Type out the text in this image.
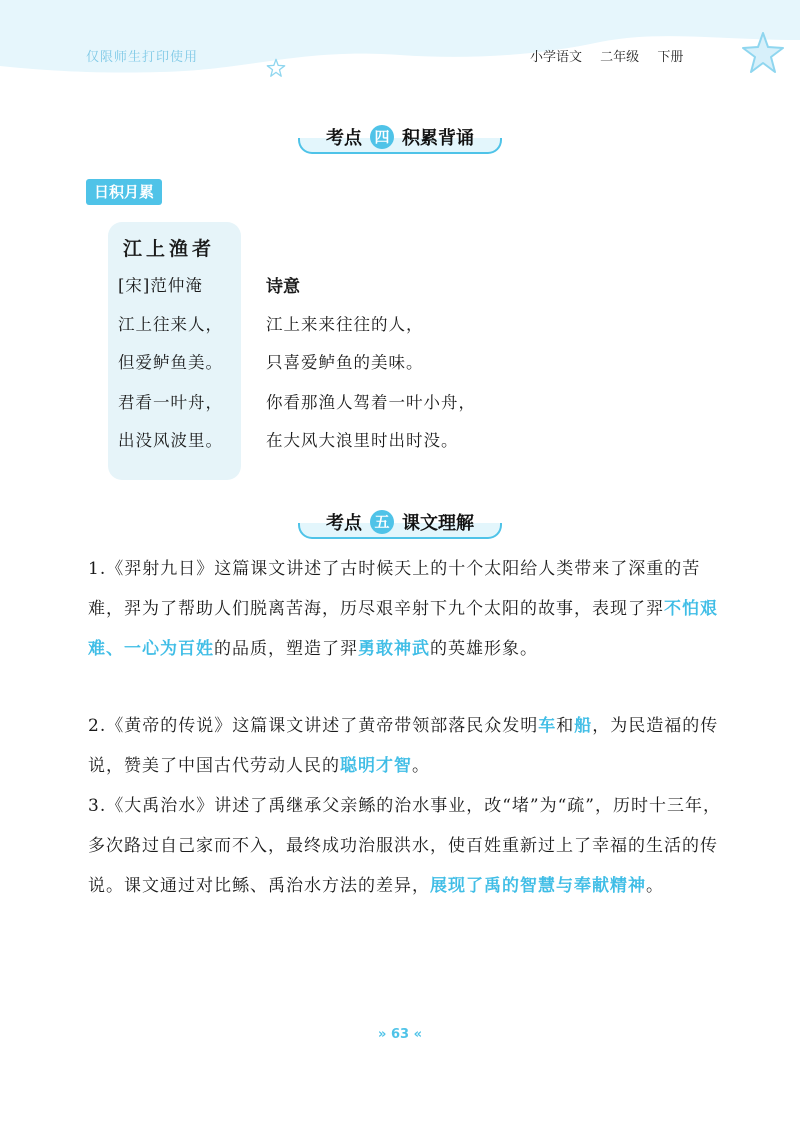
仅限师生打印使用	小学语文 二年级 下册
考点 四 积累背诵
日积月累
江上渔者
[宋]范仲淹
江上往来人，
但爱鲈鱼美。
君看一叶舟，
出没风波里。
诗意
江上来来往往的人，
只喜爱鲈鱼的美味。
你看那渔人驾着一叶小舟，
在大风大浪里时出时没。
考点 五 课文理解
1.《羿射九日》这篇课文讲述了古时候天上的十个太阳给人类带来了深重的苦难，羿为了帮助人们脱离苦海，历尽艰辛射下九个太阳的故事，表现了羿不怕艰难、一心为百姓的品质，塑造了羿勇敢神武的英雄形象。
2.《黄帝的传说》这篇课文讲述了黄帝带领部落民众发明车和船，为民造福的传说，赞美了中国古代劳动人民的聪明才智。
3.《大禹治水》讲述了禹继承父亲鲧的治水事业，改“堵”为“疏”，历时十三年，多次路过自己家而不入，最终成功治服洪水，使百姓重新过上了幸福的生活的传说。课文通过对比鲧、禹治水方法的差异，展现了禹的智慧与奉献精神。
» 63 «
